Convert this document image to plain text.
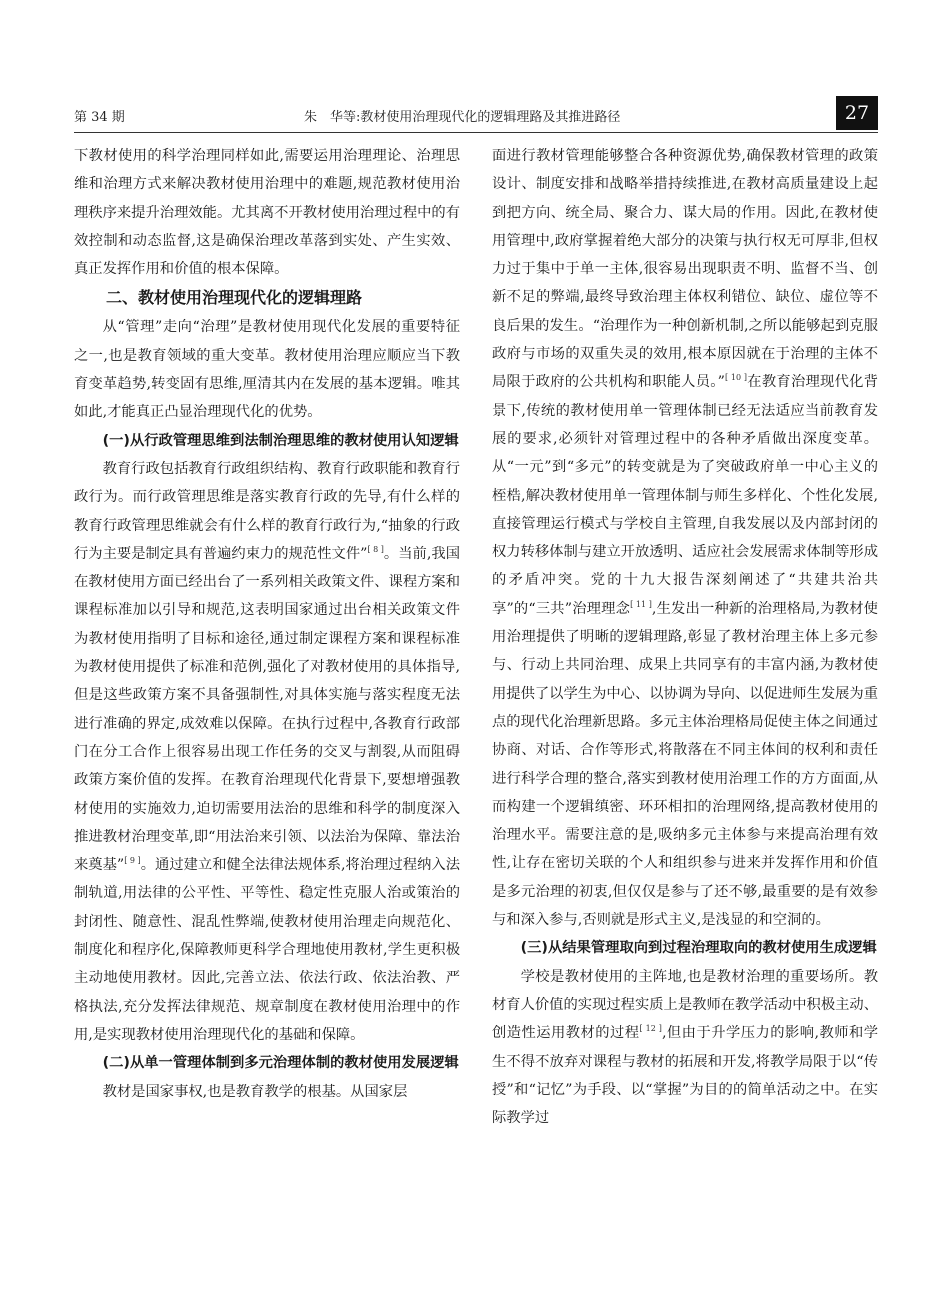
第 34 期	朱　华等:教材使用治理现代化的逻辑理路及其推进路径	27

下教材使用的科学治理同样如此,需要运用治理理论、治理思维和治理方式来解决教材使用治理中的难题,规范教材使用治理秩序来提升治理效能。尤其离不开教材使用治理过程中的有效控制和动态监督,这是确保治理改革落到实处、产生实效、真正发挥作用和价值的根本保障。

二、教材使用治理现代化的逻辑理路

从“管理”走向“治理”是教材使用现代化发展的重要特征之一,也是教育领域的重大变革。教材使用治理应顺应当下教育变革趋势,转变固有思维,厘清其内在发展的基本逻辑。唯其如此,才能真正凸显治理现代化的优势。

(一)从行政管理思维到法制治理思维的教材使用认知逻辑

教育行政包括教育行政组织结构、教育行政职能和教育行政行为。而行政管理思维是落实教育行政的先导,有什么样的教育行政管理思维就会有什么样的教育行政行为,“抽象的行政行为主要是制定具有普遍约束力的规范性文件”[ 8 ]。当前,我国在教材使用方面已经出台了一系列相关政策文件、课程方案和课程标准加以引导和规范,这表明国家通过出台相关政策文件为教材使用指明了目标和途径,通过制定课程方案和课程标准为教材使用提供了标准和范例,强化了对教材使用的具体指导,但是这些政策方案不具备强制性,对具体实施与落实程度无法进行准确的界定,成效难以保障。在执行过程中,各教育行政部门在分工合作上很容易出现工作任务的交叉与割裂,从而阻碍政策方案价值的发挥。在教育治理现代化背景下,要想增强教材使用的实施效力,迫切需要用法治的思维和科学的制度深入推进教材治理变革,即“用法治来引领、以法治为保障、靠法治来奠基”[ 9 ]。通过建立和健全法律法规体系,将治理过程纳入法制轨道,用法律的公平性、平等性、稳定性克服人治或策治的封闭性、随意性、混乱性弊端,使教材使用治理走向规范化、制度化和程序化,保障教师更科学合理地使用教材,学生更积极主动地使用教材。因此,完善立法、依法行政、依法治教、严格执法,充分发挥法律规范、规章制度在教材使用治理中的作用,是实现教材使用治理现代化的基础和保障。

(二)从单一管理体制到多元治理体制的教材使用发展逻辑

教材是国家事权,也是教育教学的根基。从国家层

面进行教材管理能够整合各种资源优势,确保教材管理的政策设计、制度安排和战略举措持续推进,在教材高质量建设上起到把方向、统全局、聚合力、谋大局的作用。因此,在教材使用管理中,政府掌握着绝大部分的决策与执行权无可厚非,但权力过于集中于单一主体,很容易出现职责不明、监督不当、创新不足的弊端,最终导致治理主体权利错位、缺位、虚位等不良后果的发生。“治理作为一种创新机制,之所以能够起到克服政府与市场的双重失灵的效用,根本原因就在于治理的主体不局限于政府的公共机构和职能人员。”[ 10 ]在教育治理现代化背景下,传统的教材使用单一管理体制已经无法适应当前教育发展的要求,必须针对管理过程中的各种矛盾做出深度变革。从“一元”到“多元”的转变就是为了突破政府单一中心主义的桎梏,解决教材使用单一管理体制与师生多样化、个性化发展,直接管理运行模式与学校自主管理,自我发展以及内部封闭的权力转移体制与建立开放透明、适应社会发展需求体制等形成的矛盾冲突。党的十九大报告深刻阐述了“共建共治共享”的“三共”治理理念[ 11 ],生发出一种新的治理格局,为教材使用治理提供了明晰的逻辑理路,彰显了教材治理主体上多元参与、行动上共同治理、成果上共同享有的丰富内涵,为教材使用提供了以学生为中心、以协调为导向、以促进师生发展为重点的现代化治理新思路。多元主体治理格局促使主体之间通过协商、对话、合作等形式,将散落在不同主体间的权利和责任进行科学合理的整合,落实到教材使用治理工作的方方面面,从而构建一个逻辑缜密、环环相扣的治理网络,提高教材使用的治理水平。需要注意的是,吸纳多元主体参与来提高治理有效性,让存在密切关联的个人和组织参与进来并发挥作用和价值是多元治理的初衷,但仅仅是参与了还不够,最重要的是有效参与和深入参与,否则就是形式主义,是浅显的和空洞的。

(三)从结果管理取向到过程治理取向的教材使用生成逻辑

学校是教材使用的主阵地,也是教材治理的重要场所。教材育人价值的实现过程实质上是教师在教学活动中积极主动、创造性运用教材的过程[ 12 ],但由于升学压力的影响,教师和学生不得不放弃对课程与教材的拓展和开发,将教学局限于以“传授”和“记忆”为手段、以“掌握”为目的的简单活动之中。在实际教学过
